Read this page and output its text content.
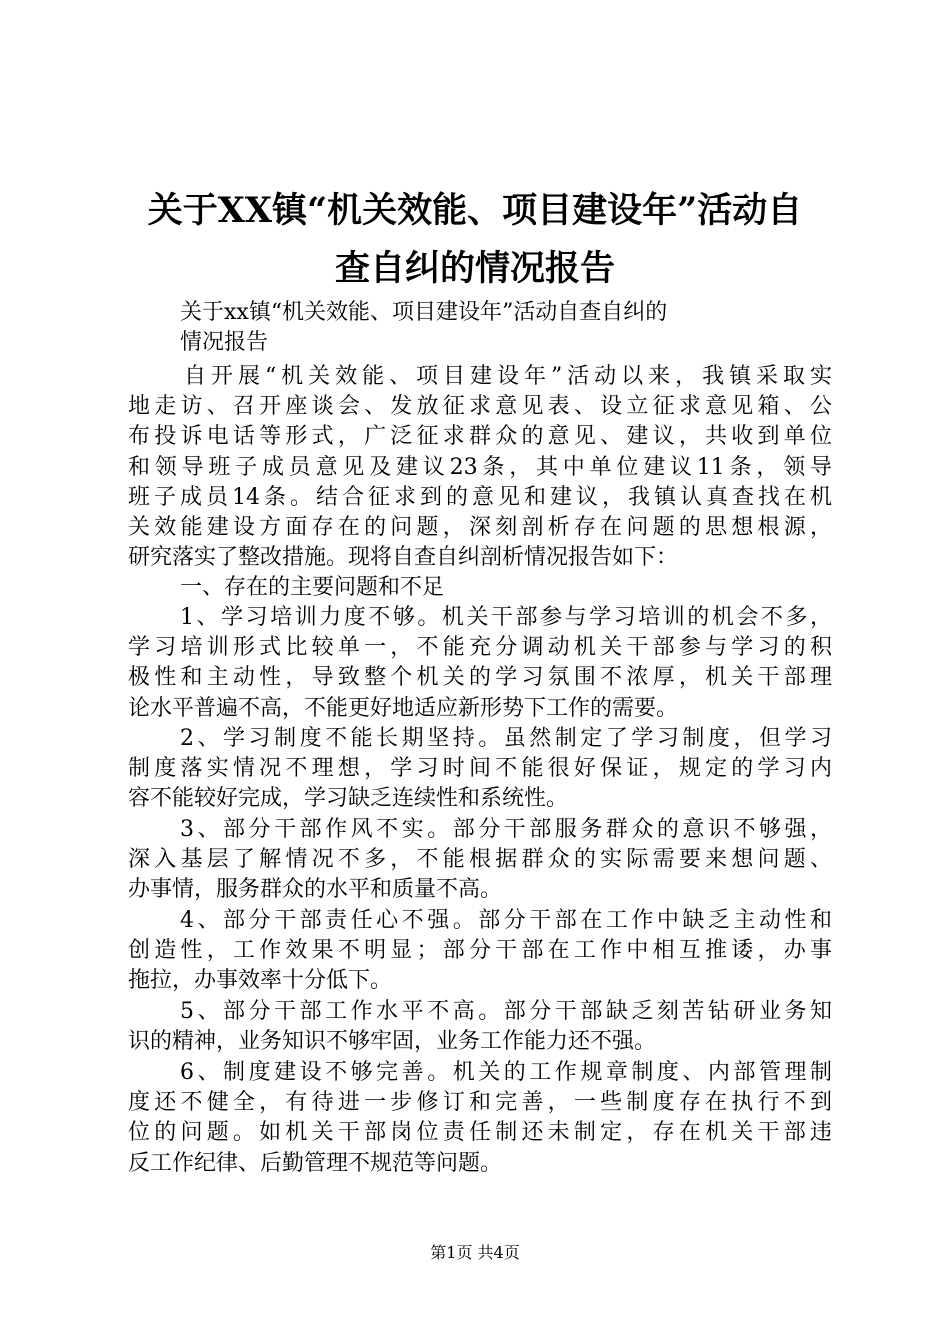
关于XX镇“机关效能、项目建设年”活动自
查自纠的情况报告
关于xx镇“机关效能、项目建设年”活动自查自纠的
情况报告
自开展“机关效能、项目建设年”活动以来，我镇采取实
地走访、召开座谈会、发放征求意见表、设立征求意见箱、公
布投诉电话等形式，广泛征求群众的意见、建议，共收到单位
和领导班子成员意见及建议23条，其中单位建议11条，领导
班子成员14条。结合征求到的意见和建议，我镇认真查找在机
关效能建设方面存在的问题，深刻剖析存在问题的思想根源，
研究落实了整改措施。现将自查自纠剖析情况报告如下：
一、存在的主要问题和不足
1、学习培训力度不够。机关干部参与学习培训的机会不多，
学习培训形式比较单一，不能充分调动机关干部参与学习的积
极性和主动性，导致整个机关的学习氛围不浓厚，机关干部理
论水平普遍不高，不能更好地适应新形势下工作的需要。
2、学习制度不能长期坚持。虽然制定了学习制度，但学习
制度落实情况不理想，学习时间不能很好保证，规定的学习内
容不能较好完成，学习缺乏连续性和系统性。
3、部分干部作风不实。部分干部服务群众的意识不够强，
深入基层了解情况不多，不能根据群众的实际需要来想问题、
办事情，服务群众的水平和质量不高。
4、部分干部责任心不强。部分干部在工作中缺乏主动性和
创造性，工作效果不明显；部分干部在工作中相互推诿，办事
拖拉，办事效率十分低下。
5、部分干部工作水平不高。部分干部缺乏刻苦钻研业务知
识的精神，业务知识不够牢固，业务工作能力还不强。
6、制度建设不够完善。机关的工作规章制度、内部管理制
度还不健全，有待进一步修订和完善，一些制度存在执行不到
位的问题。如机关干部岗位责任制还未制定，存在机关干部违
反工作纪律、后勤管理不规范等问题。
第1页 共4页
